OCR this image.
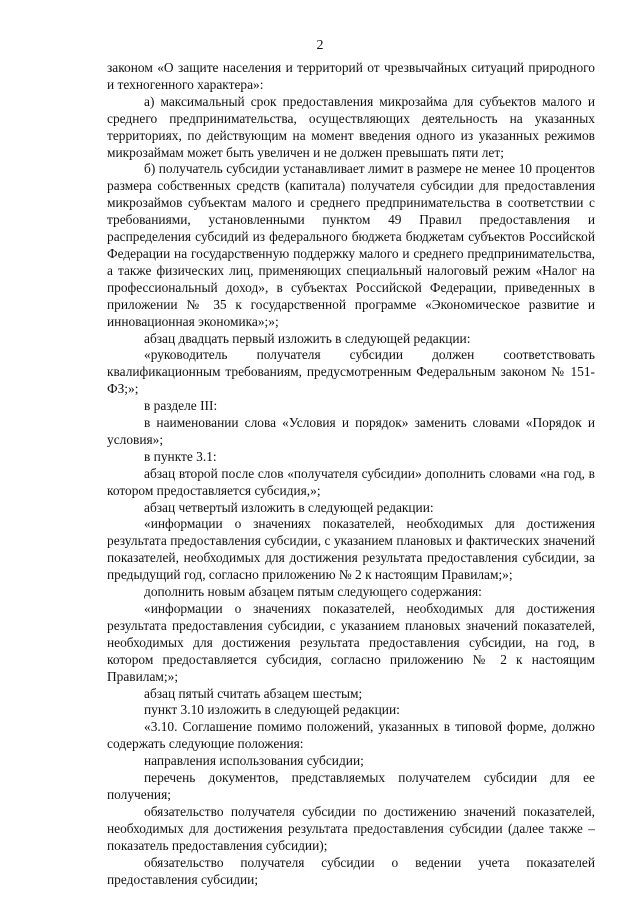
2

законом «О защите населения и территорий от чрезвычайных ситуаций природного и техногенного характера»:

а) максимальный срок предоставления микрозайма для субъектов малого и среднего предпринимательства, осуществляющих деятельность на указанных территориях, по действующим на момент введения одного из указанных режимов микрозаймам может быть увеличен и не должен превышать пяти лет;

б) получатель субсидии устанавливает лимит в размере не менее 10 процентов размера собственных средств (капитала) получателя субсидии для предоставления микрозаймов субъектам малого и среднего предпринимательства в соответствии с требованиями, установленными пунктом 49 Правил предоставления и распределения субсидий из федерального бюджета бюджетам субъектов Российской Федерации на государственную поддержку малого и среднего предпринимательства, а также физических лиц, применяющих специальный налоговый режим «Налог на профессиональный доход», в субъектах Российской Федерации, приведенных в приложении № 35 к государственной программе «Экономическое развитие и инновационная экономика»;»;

абзац двадцать первый изложить в следующей редакции:

«руководитель получателя субсидии должен соответствовать квалификационным требованиям, предусмотренным Федеральным законом № 151-ФЗ;»;

в разделе III:

в наименовании слова «Условия и порядок» заменить словами «Порядок и условия»;

в пункте 3.1:

абзац второй после слов «получателя субсидии» дополнить словами «на год, в котором предоставляется субсидия,»;

абзац четвертый изложить в следующей редакции:

«информации о значениях показателей, необходимых для достижения результата предоставления субсидии, с указанием плановых и фактических значений показателей, необходимых для достижения результата предоставления субсидии, за предыдущий год, согласно приложению № 2 к настоящим Правилам;»;

дополнить новым абзацем пятым следующего содержания:

«информации о значениях показателей, необходимых для достижения результата предоставления субсидии, с указанием плановых значений показателей, необходимых для достижения результата предоставления субсидии, на год, в котором предоставляется субсидия, согласно приложению № 2 к настоящим Правилам;»;

абзац пятый считать абзацем шестым;

пункт 3.10 изложить в следующей редакции:

«3.10. Соглашение помимо положений, указанных в типовой форме, должно содержать следующие положения:

направления использования субсидии;

перечень документов, представляемых получателем субсидии для ее получения;

обязательство получателя субсидии по достижению значений показателей, необходимых для достижения результата предоставления субсидии (далее также – показатель предоставления субсидии);

обязательство получателя субсидии о ведении учета показателей предоставления субсидии;
